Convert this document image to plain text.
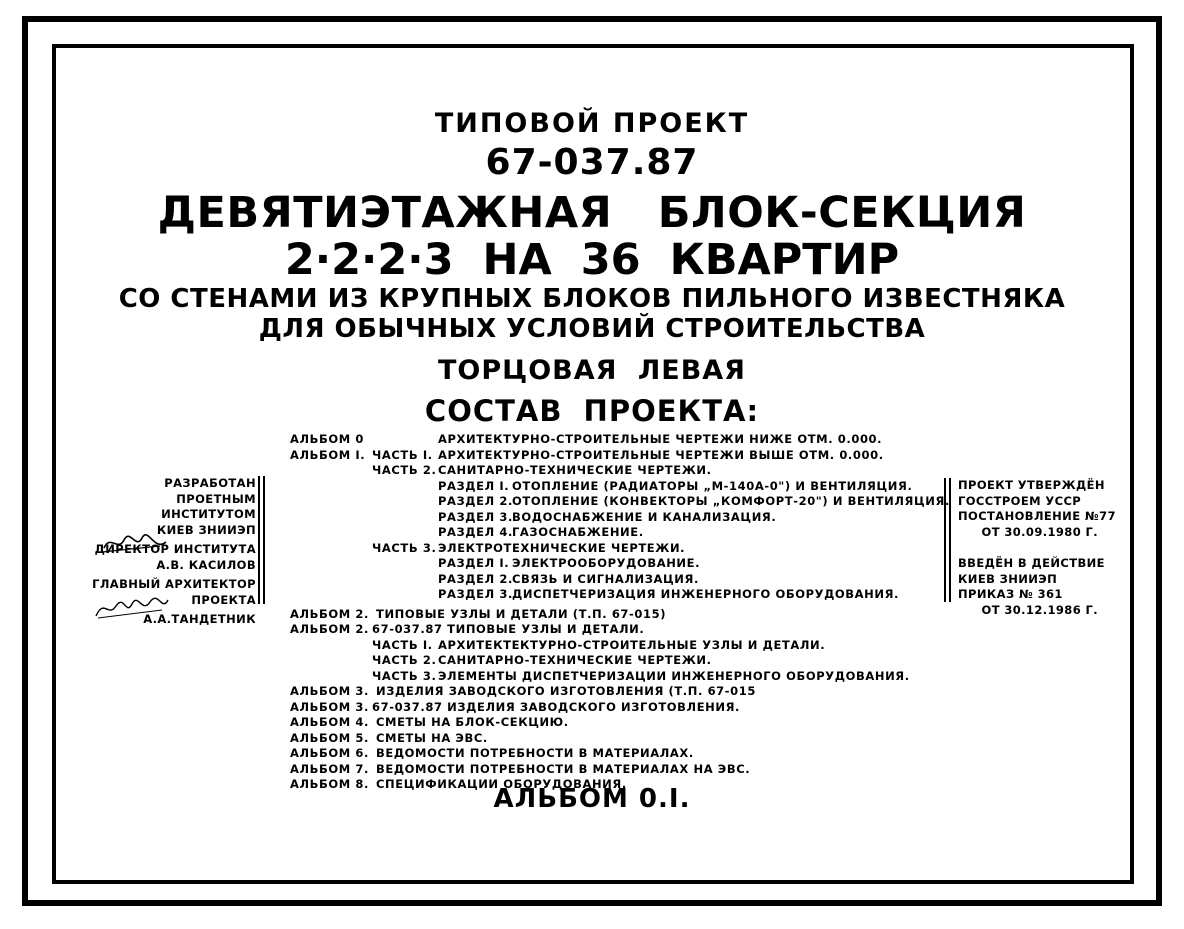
ТИПОВОЙ ПРОЕКТ
67-037.87
ДЕВЯТИЭТАЖНАЯ БЛОК-СЕКЦИЯ
2·2·2·3 НА 36 КВАРТИР
СО СТЕНАМИ ИЗ КРУПНЫХ БЛОКОВ ПИЛЬНОГО ИЗВЕСТНЯКА
ДЛЯ ОБЫЧНЫХ УСЛОВИЙ СТРОИТЕЛЬСТВА
ТОРЦОВАЯ ЛЕВАЯ
СОСТАВ ПРОЕКТА:
АЛЬБОМ 0	АРХИТЕКТУРНО-СТРОИТЕЛЬНЫЕ ЧЕРТЕЖИ НИЖЕ ОТМ. 0.000.
АЛЬБОМ I. ЧАСТЬ I. АРХИТЕКТУРНО-СТРОИТЕЛЬНЫЕ ЧЕРТЕЖИ ВЫШЕ ОТМ. 0.000.
ЧАСТЬ 2. САНИТАРНО-ТЕХНИЧЕСКИЕ ЧЕРТЕЖИ.
РАЗДЕЛ I. ОТОПЛЕНИЕ (РАДИАТОРЫ „М-140А-0") И ВЕНТИЛЯЦИЯ.
РАЗДЕЛ 2. ОТОПЛЕНИЕ (КОНВЕКТОРЫ „КОМФОРТ-20") И ВЕНТИЛЯЦИЯ.
РАЗДЕЛ 3. ВОДОСНАБЖЕНИЕ И КАНАЛИЗАЦИЯ.
РАЗДЕЛ 4. ГАЗОСНАБЖЕНИЕ.
ЧАСТЬ 3. ЭЛЕКТРОТЕХНИЧЕСКИЕ ЧЕРТЕЖИ.
РАЗДЕЛ I. ЭЛЕКТРООБОРУДОВАНИЕ.
РАЗДЕЛ 2. СВЯЗЬ И СИГНАЛИЗАЦИЯ.
РАЗДЕЛ 3. ДИСПЕТЧЕРИЗАЦИЯ ИНЖЕНЕРНОГО ОБОРУДОВАНИЯ.
АЛЬБОМ 2. ТИПОВЫЕ УЗЛЫ И ДЕТАЛИ (Т.П. 67-015)
АЛЬБОМ 2. 67-037.87 ТИПОВЫЕ УЗЛЫ И ДЕТАЛИ.
ЧАСТЬ I. АРХИТЕКТЕКТУРНО-СТРОИТЕЛЬНЫЕ УЗЛЫ И ДЕТАЛИ.
ЧАСТЬ 2. САНИТАРНО-ТЕХНИЧЕСКИЕ ЧЕРТЕЖИ.
ЧАСТЬ 3. ЭЛЕМЕНТЫ ДИСПЕТЧЕРИЗАЦИИ ИНЖЕНЕРНОГО ОБОРУДОВАНИЯ.
АЛЬБОМ 3. ИЗДЕЛИЯ ЗАВОДСКОГО ИЗГОТОВЛЕНИЯ (Т.П. 67-015
АЛЬБОМ 3. 67-037.87 ИЗДЕЛИЯ ЗАВОДСКОГО ИЗГОТОВЛЕНИЯ.
АЛЬБОМ 4. СМЕТЫ НА БЛОК-СЕКЦИЮ.
АЛЬБОМ 5. СМЕТЫ НА ЭВС.
АЛЬБОМ 6. ВЕДОМОСТИ ПОТРЕБНОСТИ В МАТЕРИАЛАХ.
АЛЬБОМ 7. ВЕДОМОСТИ ПОТРЕБНОСТИ В МАТЕРИАЛАХ НА ЭВС.
АЛЬБОМ 8. СПЕЦИФИКАЦИИ ОБОРУДОВАНИЯ.
РАЗРАБОТАН
ПРОЕТНЫМ ИНСТИТУТОМ
КИЕВ ЗНИИЭП
ДИРЕКТОР ИНСТИТУТА
А.В. КАСИЛОВ
ГЛАВНЫЙ АРХИТЕКТОР
ПРОЕКТА
А.А.ТАНДЕТНИК
ПРОЕКТ УТВЕРЖДЁН
ГОССТРОЕМ УССР
ПОСТАНОВЛЕНИЕ №77
ОТ 30.09.1980 Г.
ВВЕДЁН В ДЕЙСТВИЕ
КИЕВ ЗНИИЭП
ПРИКАЗ № 361
ОТ 30.12.1986 Г.
АЛЬБОМ 0.I.
